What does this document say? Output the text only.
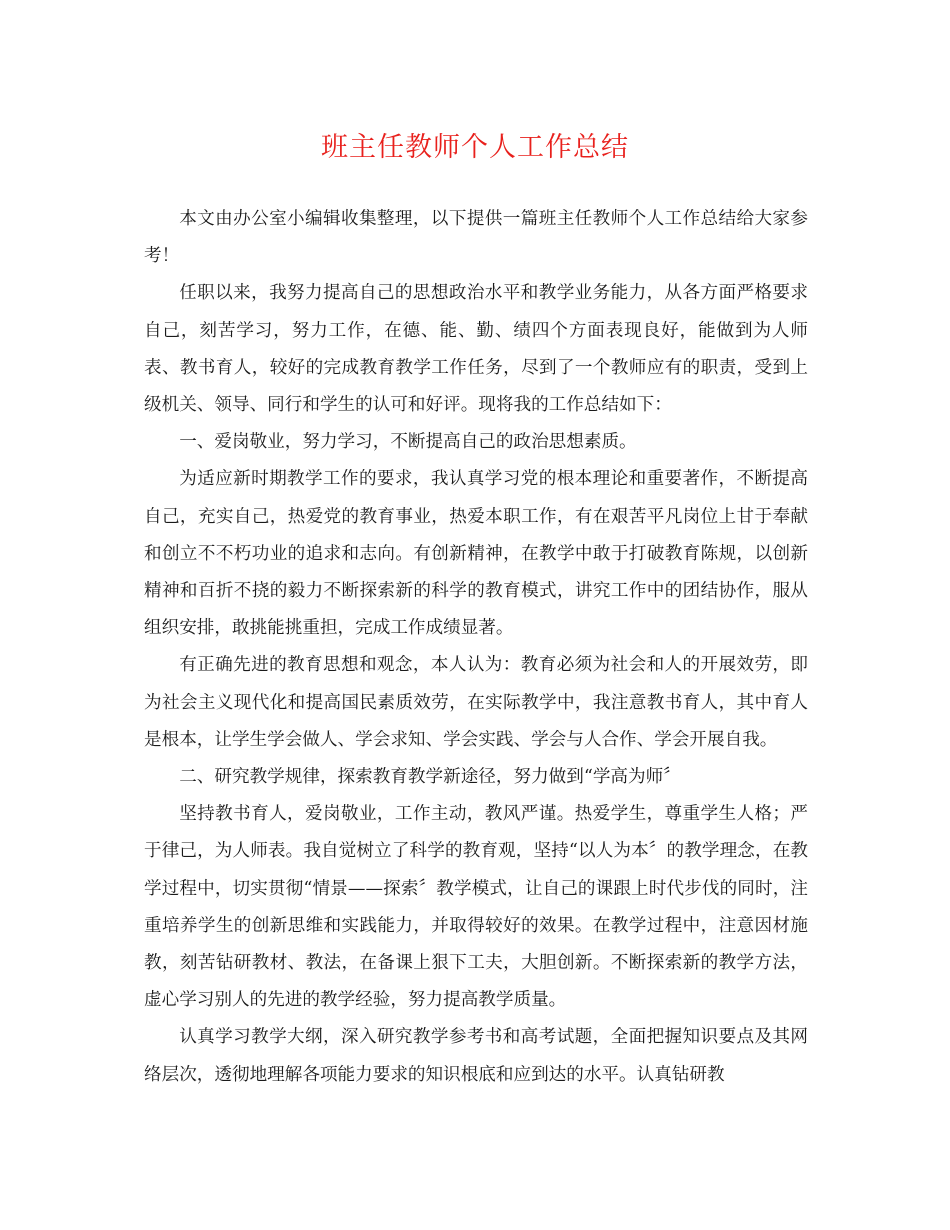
班主任教师个人工作总结

本文由办公室小编辑收集整理，以下提供一篇班主任教师个人工作总结给大家参考！

任职以来，我努力提高自己的思想政治水平和教学业务能力，从各方面严格要求自己，刻苦学习，努力工作，在德、能、勤、绩四个方面表现良好，能做到为人师表、教书育人，较好的完成教育教学工作任务，尽到了一个教师应有的职责，受到上级机关、领导、同行和学生的认可和好评。现将我的工作总结如下：

一、爱岗敬业，努力学习，不断提高自己的政治思想素质。

为适应新时期教学工作的要求，我认真学习党的根本理论和重要著作，不断提高自己，充实自己，热爱党的教育事业，热爱本职工作，有在艰苦平凡岗位上甘于奉献和创立不不朽功业的追求和志向。有创新精神，在教学中敢于打破教育陈规，以创新精神和百折不挠的毅力不断探索新的科学的教育模式，讲究工作中的团结协作，服从组织安排，敢挑能挑重担，完成工作成绩显著。

有正确先进的教育思想和观念，本人认为：教育必须为社会和人的开展效劳，即为社会主义现代化和提高国民素质效劳，在实际教学中，我注意教书育人，其中育人是根本，让学生学会做人、学会求知、学会实践、学会与人合作、学会开展自我。

二、研究教学规律，探索教育教学新途径，努力做到“学高为师〞

坚持教书育人，爱岗敬业，工作主动，教风严谨。热爱学生，尊重学生人格；严于律己，为人师表。我自觉树立了科学的教育观，坚持“以人为本〞的教学理念，在教学过程中，切实贯彻“情景——探索〞教学模式，让自己的课跟上时代步伐的同时，注重培养学生的创新思维和实践能力，并取得较好的效果。在教学过程中，注意因材施教，刻苦钻研教材、教法，在备课上狠下工夫，大胆创新。不断探索新的教学方法，虚心学习别人的先进的教学经验，努力提高教学质量。

认真学习教学大纲，深入研究教学参考书和高考试题，全面把握知识要点及其网络层次，透彻地理解各项能力要求的知识根底和应到达的水平。认真钻研教
